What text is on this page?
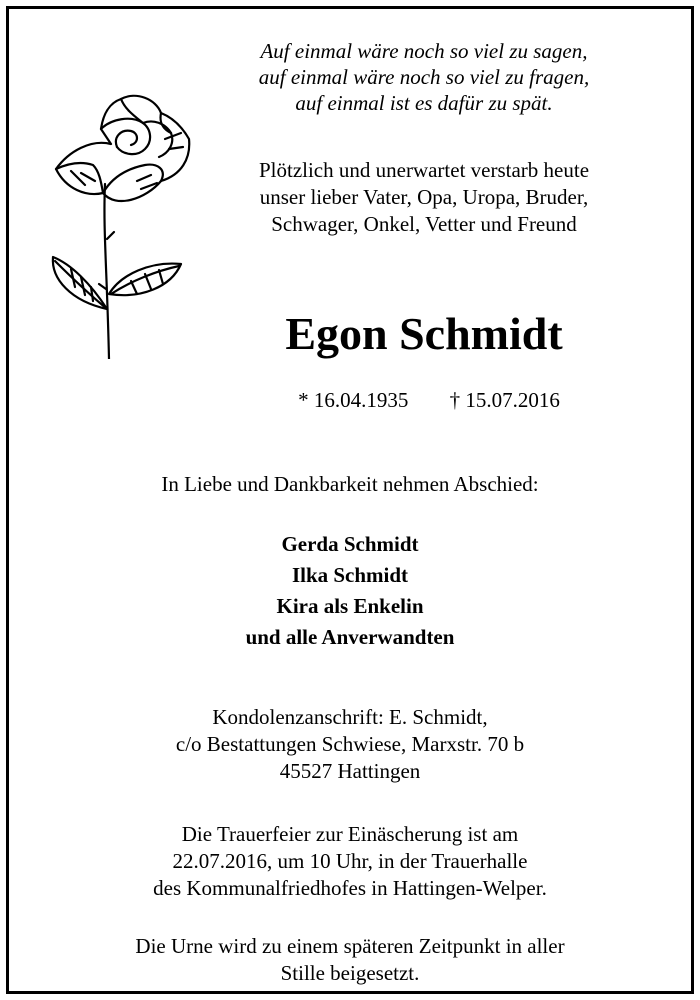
Auf einmal wäre noch so viel zu sagen,
auf einmal wäre noch so viel zu fragen,
auf einmal ist es dafür zu spät.
Plötzlich und unerwartet verstarb heute
unser lieber Vater, Opa, Uropa, Bruder,
Schwager, Onkel, Vetter und Freund
Egon Schmidt
* 16.04.1935 † 15.07.2016
In Liebe und Dankbarkeit nehmen Abschied:
Gerda Schmidt
Ilka Schmidt
Kira als Enkelin
und alle Anverwandten
Kondolenzanschrift: E. Schmidt,
c/o Bestattungen Schwiese, Marxstr. 70 b
45527 Hattingen
Die Trauerfeier zur Einäscherung ist am
22.07.2016, um 10 Uhr, in der Trauerhalle
des Kommunalfriedhofes in Hattingen-Welper.
Die Urne wird zu einem späteren Zeitpunkt in aller
Stille beigesetzt.
